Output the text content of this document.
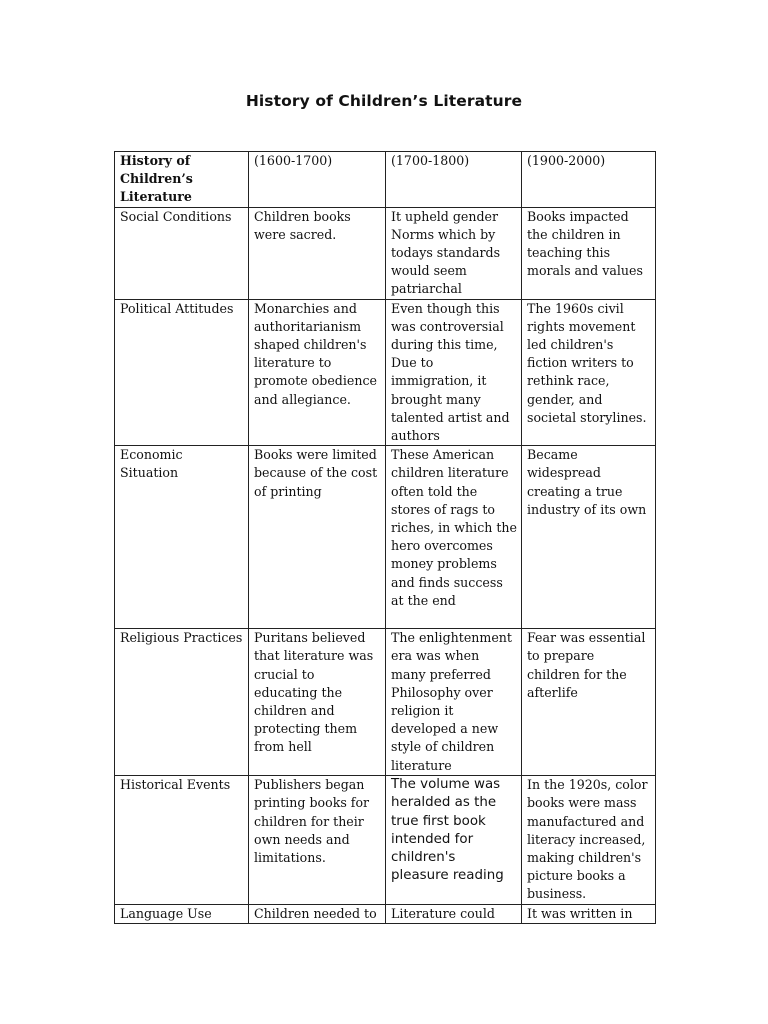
History of Children’s Literature
History of Children’s Literature	(1600-1700)	(1700-1800)	(1900-2000)
Social Conditions	Children books were sacred.	It upheld gender Norms which by todays standards would seem patriarchal	Books impacted the children in teaching this morals and values
Political Attitudes	Monarchies and authoritarianism shaped children's literature to promote obedience and allegiance.	Even though this was controversial during this time, Due to immigration, it brought many talented artist and authors	The 1960s civil rights movement led children's fiction writers to rethink race, gender, and societal storylines.
Economic Situation	Books were limited because of the cost of printing	These American children literature often told the stores of rags to riches, in which the hero overcomes money problems and finds success at the end	Became widespread creating a true industry of its own
Religious Practices	Puritans believed that literature was crucial to educating the children and protecting them from hell	The enlightenment era was when many preferred Philosophy over religion it developed a new style of children literature	Fear was essential to prepare children for the afterlife
Historical Events	Publishers began printing books for children for their own needs and limitations.	The volume was heralded as the true first book intended for children's pleasure reading	In the 1920s, color books were mass manufactured and literacy increased, making children's picture books a business.
Language Use	Children needed to	Literature could	It was written in
